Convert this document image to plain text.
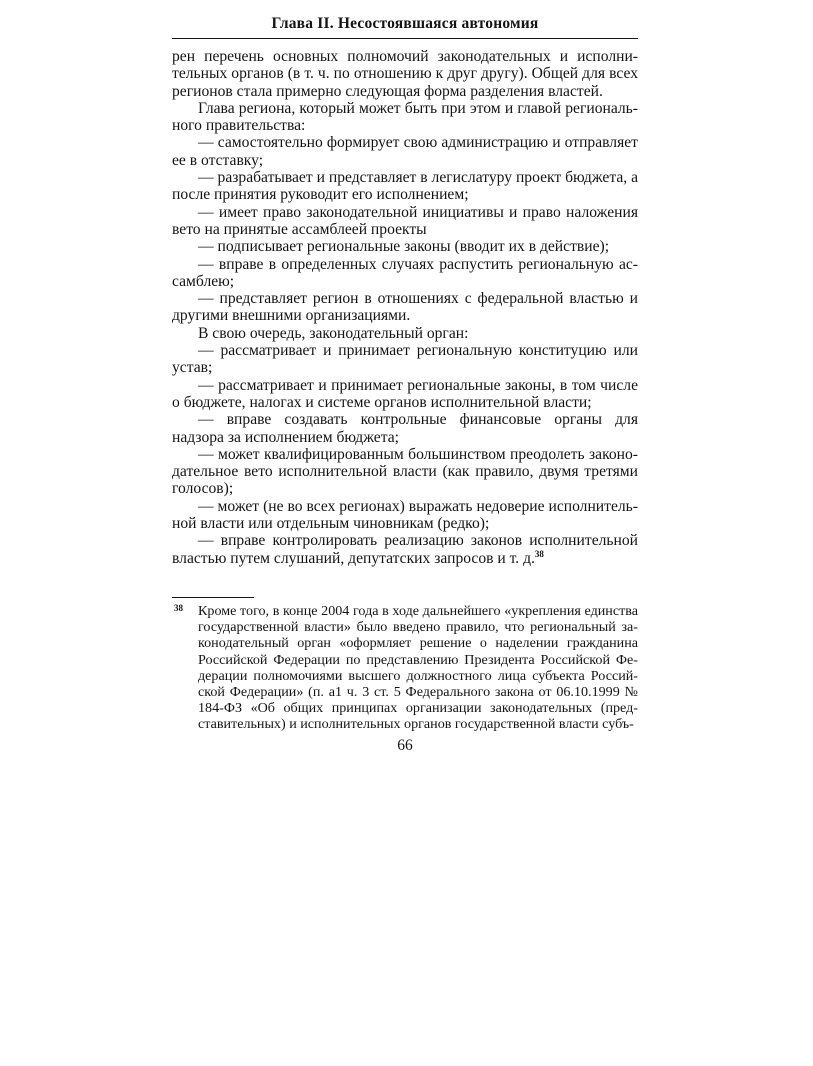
Глава II. Несостоявшаяся автономия

рен перечень основных полномочий законодательных и исполнительных органов (в т. ч. по отношению к друг другу). Общей для всех регионов стала примерно следующая форма разделения властей.

Глава региона, который может быть при этом и главой регионального правительства:

— самостоятельно формирует свою администрацию и отправляет ее в отставку;

— разрабатывает и представляет в легислатуру проект бюджета, а после принятия руководит его исполнением;

— имеет право законодательной инициативы и право наложения вето на принятые ассамблеей проекты

— подписывает региональные законы (вводит их в действие);

— вправе в определенных случаях распустить региональную ассамблею;

— представляет регион в отношениях с федеральной властью и другими внешними организациями.

В свою очередь, законодательный орган:

— рассматривает и принимает региональную конституцию или устав;

— рассматривает и принимает региональные законы, в том числе о бюджете, налогах и системе органов исполнительной власти;

— вправе создавать контрольные финансовые органы для надзора за исполнением бюджета;

— может квалифицированным большинством преодолеть законодательное вето исполнительной власти (как правило, двумя третями голосов);

— может (не во всех регионах) выражать недоверие исполнительной власти или отдельным чиновникам (редко);

— вправе контролировать реализацию законов исполнительной властью путем слушаний, депутатских запросов и т. д.$^{38}$

38 Кроме того, в конце 2004 года в ходе дальнейшего «укрепления единства государственной власти» было введено правило, что региональный законодательный орган «оформляет решение о наделении гражданина Российской Федерации по представлению Президента Российской Федерации полномочиями высшего должностного лица субъекта Российской Федерации» (п. а1 ч. 3 ст. 5 Федерального закона от 06.10.1999 № 184-ФЗ «Об общих принципах организации законодательных (представительных) и исполнительных органов государственной власти субъ-
66
